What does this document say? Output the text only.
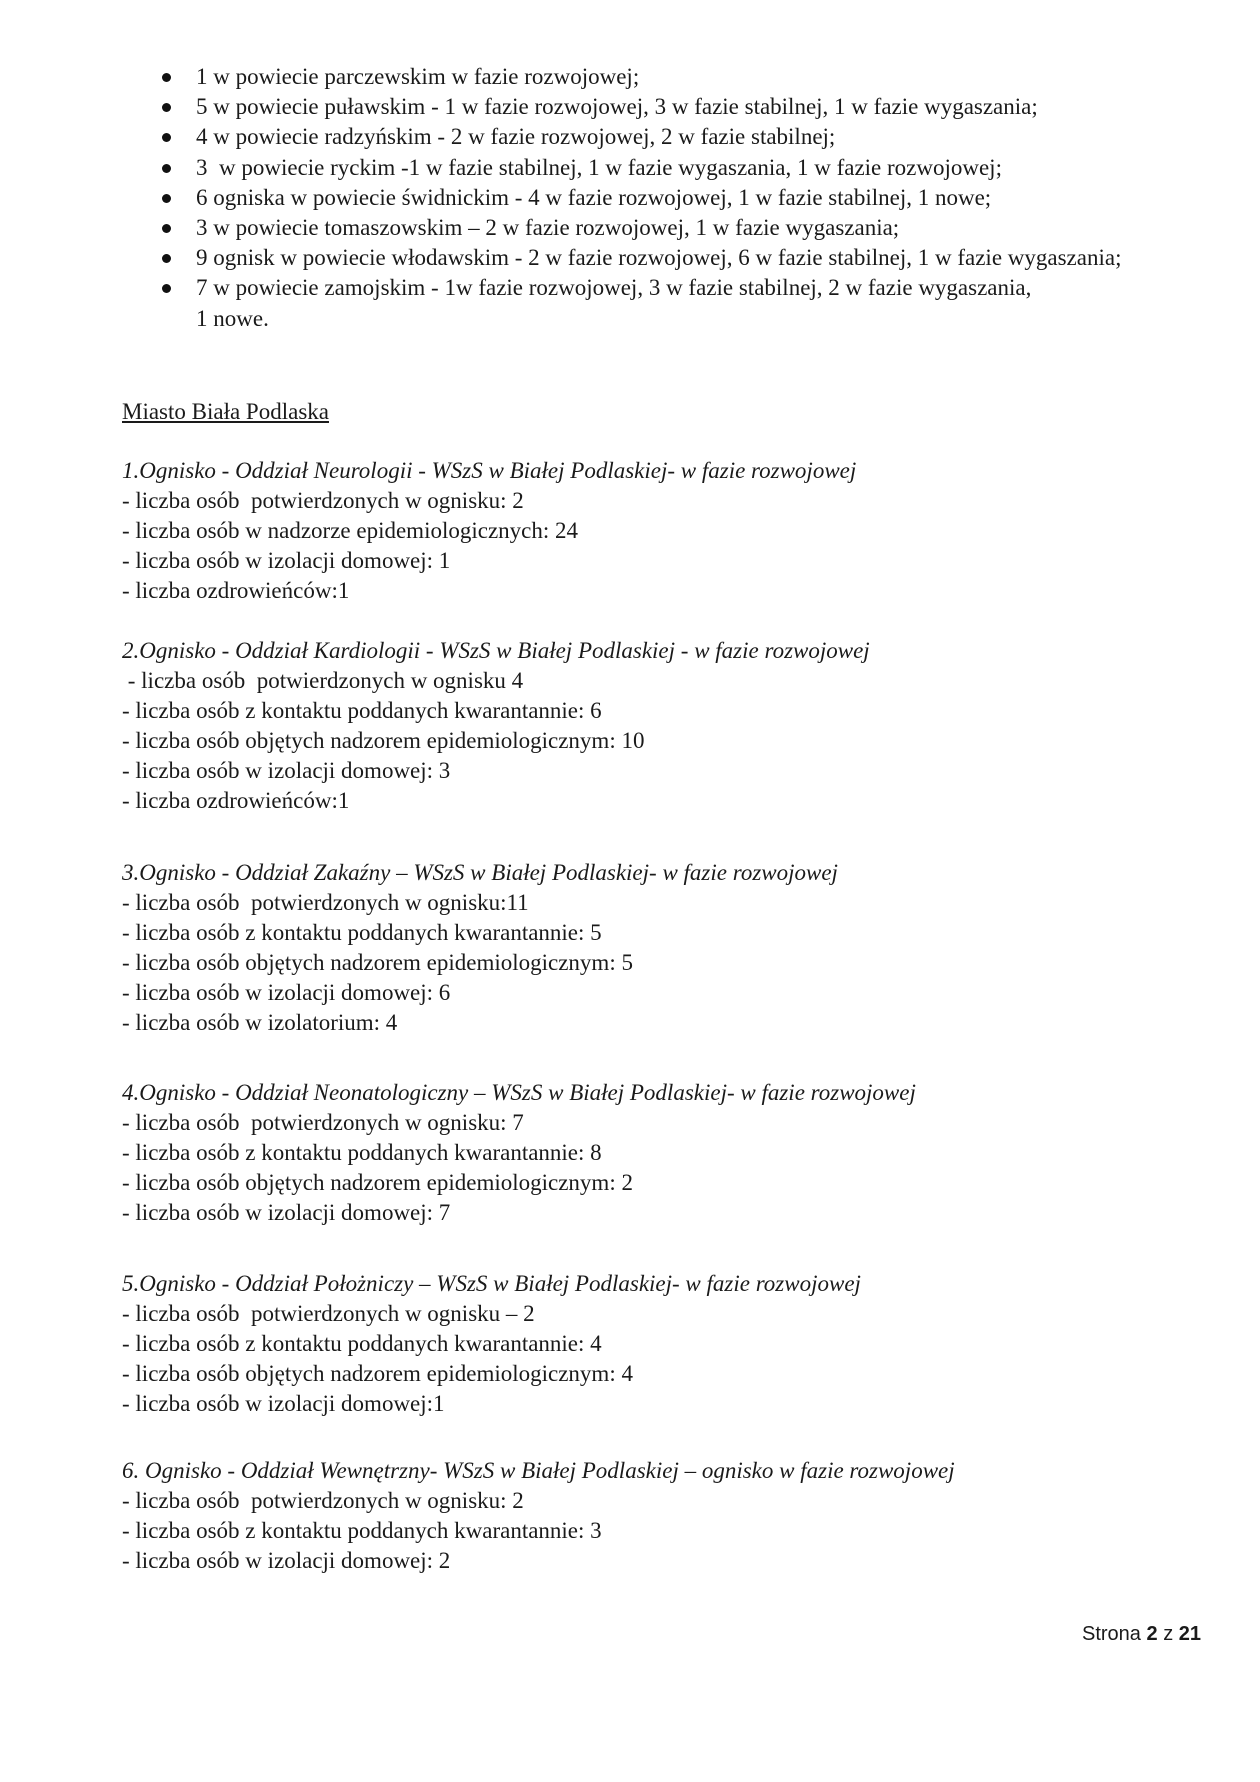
1 w powiecie parczewskim w fazie rozwojowej;
5 w powiecie puławskim - 1 w fazie rozwojowej, 3 w fazie stabilnej, 1 w fazie wygaszania;
4 w powiecie radzyńskim - 2 w fazie rozwojowej, 2 w fazie stabilnej;
3  w powiecie ryckim -1 w fazie stabilnej, 1 w fazie wygaszania, 1 w fazie rozwojowej;
6 ogniska w powiecie świdnickim - 4 w fazie rozwojowej, 1 w fazie stabilnej, 1 nowe;
3 w powiecie tomaszowskim – 2 w fazie rozwojowej, 1 w fazie wygaszania;
9 ognisk w powiecie włodawskim - 2 w fazie rozwojowej, 6 w fazie stabilnej, 1 w fazie wygaszania;
7 w powiecie zamojskim - 1w fazie rozwojowej, 3 w fazie stabilnej, 2 w fazie wygaszania,
1 nowe.
Miasto Biała Podlaska
1.Ognisko - Oddział Neurologii - WSzS w Białej Podlaskiej- w fazie rozwojowej
- liczba osób  potwierdzonych w ognisku: 2
- liczba osób w nadzorze epidemiologicznych: 24
- liczba osób w izolacji domowej: 1
- liczba ozdrowieńców:1
2.Ognisko - Oddział Kardiologii - WSzS w Białej Podlaskiej - w fazie rozwojowej
- liczba osób  potwierdzonych w ognisku 4
- liczba osób z kontaktu poddanych kwarantannie: 6
- liczba osób objętych nadzorem epidemiologicznym: 10
- liczba osób w izolacji domowej: 3
- liczba ozdrowieńców:1
3.Ognisko - Oddział Zakaźny – WSzS w Białej Podlaskiej- w fazie rozwojowej
- liczba osób  potwierdzonych w ognisku:11
- liczba osób z kontaktu poddanych kwarantannie: 5
- liczba osób objętych nadzorem epidemiologicznym: 5
- liczba osób w izolacji domowej: 6
- liczba osób w izolatorium: 4
4.Ognisko - Oddział Neonatologiczny – WSzS w Białej Podlaskiej- w fazie rozwojowej
- liczba osób  potwierdzonych w ognisku: 7
- liczba osób z kontaktu poddanych kwarantannie: 8
- liczba osób objętych nadzorem epidemiologicznym: 2
- liczba osób w izolacji domowej: 7
5.Ognisko - Oddział Położniczy – WSzS w Białej Podlaskiej- w fazie rozwojowej
- liczba osób  potwierdzonych w ognisku – 2
- liczba osób z kontaktu poddanych kwarantannie: 4
- liczba osób objętych nadzorem epidemiologicznym: 4
- liczba osób w izolacji domowej:1
6. Ognisko - Oddział Wewnętrzny- WSzS w Białej Podlaskiej – ognisko w fazie rozwojowej
- liczba osób  potwierdzonych w ognisku: 2
- liczba osób z kontaktu poddanych kwarantannie: 3
- liczba osób w izolacji domowej: 2
Strona 2 z 21
